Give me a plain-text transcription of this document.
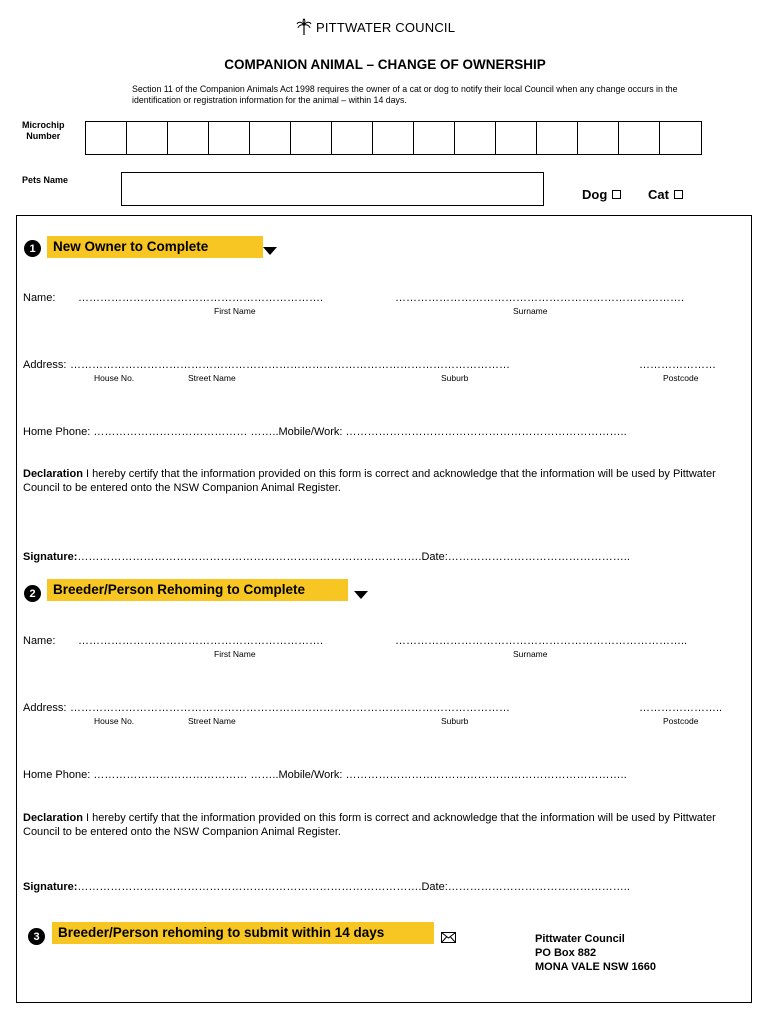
PITTWATER COUNCIL
COMPANION ANIMAL – CHANGE OF OWNERSHIP
Section 11 of the Companion Animals Act 1998 requires the owner of a cat or dog to notify their local Council when any change occurs in the identification or registration information for the animal – within 14 days.
Microchip
Number
Pets Name
Dog	Cat
1	New Owner to Complete
Name: ………………………………………………………….	…………………………………………………………………….
First Name	Surname
Address: …………………………………………………………………………………………………………	…………………
House No.	Street Name	Suburb	Postcode
Home Phone: …………………………………… ……..Mobile/Work: …………………………………………………………………..
Declaration I hereby certify that the information provided on this form is correct and acknowledge that the information will be used by Pittwater Council to be entered onto the NSW Companion Animal Register.
Signature:………………………………………………………………………………….Date:…………………………………………..
2	Breeder/Person Rehoming to Complete
Name: ………………………………………………………….	……………………………………………………………………..
First Name	Surname
Address: …………………………………………………………………………………………………………	…………………..
House No.	Street Name	Suburb	Postcode
Home Phone: …………………………………… ……..Mobile/Work: …………………………………………………………………..
Declaration I hereby certify that the information provided on this form is correct and acknowledge that the information will be used by Pittwater Council to be entered onto the NSW Companion Animal Register.
Signature:………………………………………………………………………………….Date:…………………………………………..
3	Breeder/Person rehoming to submit within 14 days	Pittwater Council
PO Box 882
MONA VALE NSW 1660
